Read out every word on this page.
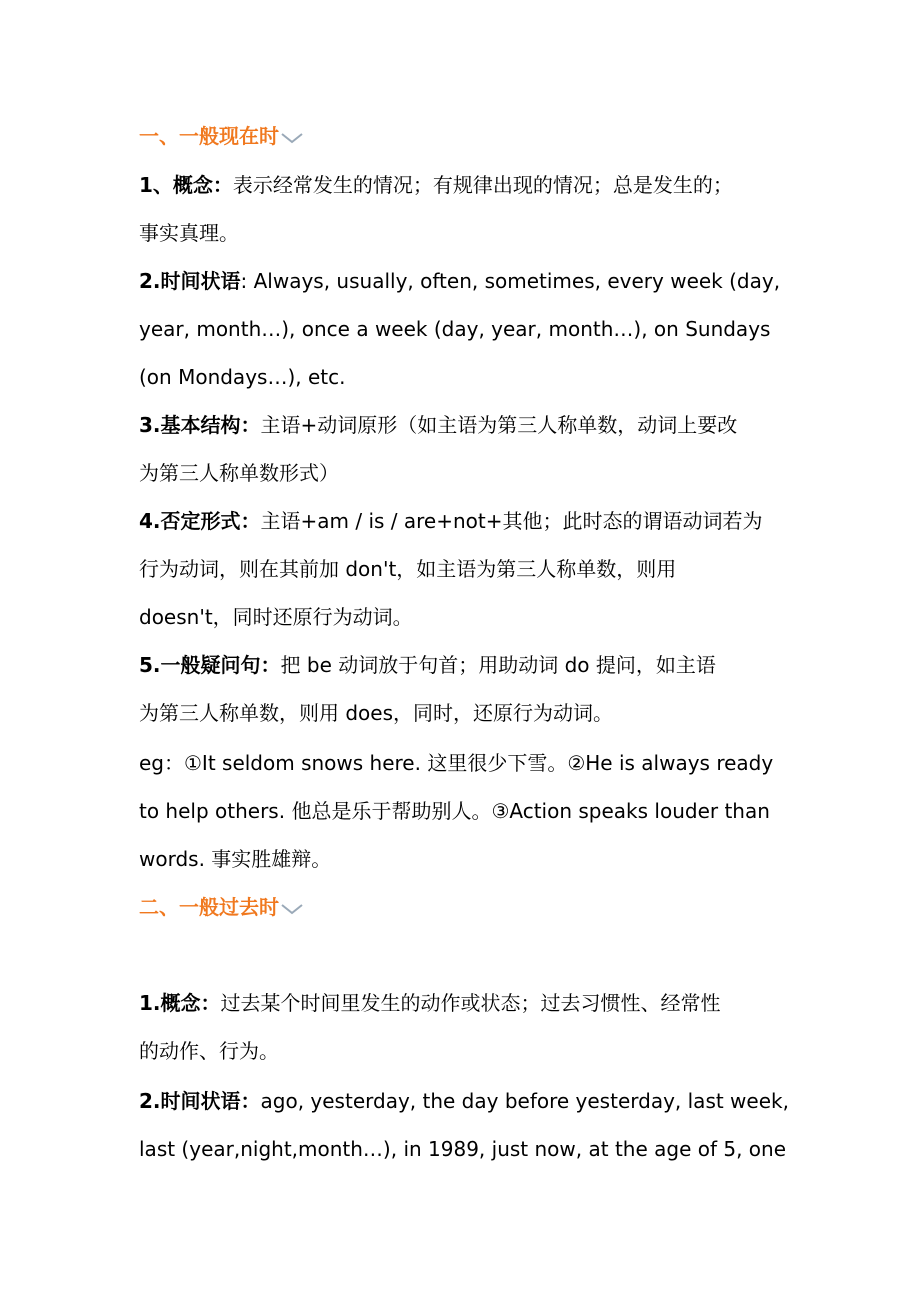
一、一般现在时
1、概念：表示经常发生的情况；有规律出现的情况；总是发生的；
事实真理。
2.时间状语: Always, usually, often, sometimes, every week (day,
year, month…), once a week (day, year, month…), on Sundays
(on Mondays…), etc.
3.基本结构：主语+动词原形（如主语为第三人称单数，动词上要改
为第三人称单数形式）
4.否定形式：主语+am / is / are+not+其他；此时态的谓语动词若为
行为动词，则在其前加 don't，如主语为第三人称单数，则用
doesn't，同时还原行为动词。
5.一般疑问句：把 be 动词放于句首；用助动词 do 提问，如主语
为第三人称单数，则用 does，同时，还原行为动词。
eg：①It seldom snows here. 这里很少下雪。②He is always ready
to help others. 他总是乐于帮助别人。③Action speaks louder than
words. 事实胜雄辩。
二、一般过去时
1.概念：过去某个时间里发生的动作或状态；过去习惯性、经常性
的动作、行为。
2.时间状语：ago, yesterday, the day before yesterday, last week,
last (year,night,month…), in 1989, just now, at the age of 5, one
